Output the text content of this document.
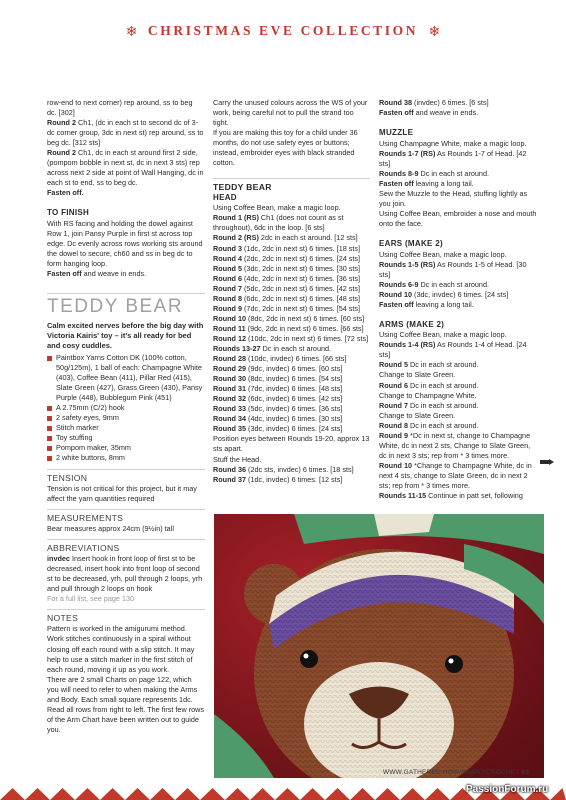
❄ CHRISTMAS EVE COLLECTION ❄

row-end to next corner) rep around, ss to beg

dc. [302]

Round 2 Ch1, (dc in each st to second dc of 3-dc corner group, 3dc in next st) rep around, ss to beg dc. [312 sts]

Round 2 Ch1, dc in each st around first 2 side, (pompom bobble in next st, dc in next 3 sts) rep across next 2 side at point of Wall Hanging, dc in each st to end, ss to beg dc.

Fasten off.

TO FINISH

With RS facing and holding the dowel against Row 1, join Pansy Purple in first st across top edge. Dc evenly across rows working sts around the dowel to secure, ch60 and ss in beg dc to form hanging loop.

Fasten off and weave in ends.

TEDDY BEAR

Calm excited nerves before the big day with Victoria Kairis' toy – it's all ready for bed and cosy cuddles.

Paintbox Yarns Cotton DK (100% cotton, 50g/125m), 1 ball of each: Champagne White (403), Coffee Bean (411), Pillar Red (415), Slate Green (427), Grass Green (430), Pansy Purple (448), Bubblegum Pink (451)
A 2.75mm (C/2) hook
2 safety eyes, 9mm
Stitch marker
Toy stuffing
Pompom maker, 35mm
2 white buttons, 8mm

TENSION

Tension is not critical for this project, but it may affect the yarn quantities required

MEASUREMENTS

Bear measures approx 24cm (9½in) tall

ABBREVIATIONS

invdec Insert hook in front loop of first st to be decreased, insert hook into front loop of second st to be decreased, yrh, pull through 2 loops, yrh and pull through 2 loops on hook

For a full list, see page 130

NOTES

Pattern is worked in the amigurumi method. Work stitches continuously in a spiral without closing off each round with a slip stitch. It may help to use a stitch marker in the first stitch of each round, moving it up as you work.

There are 2 small Charts on page 122, which you will need to refer to when making the Arms and Body. Each small square represents 1dc. Read all rows from right to left. The first few rows of the Arm Chart have been written out to guide you.

Carry the unused colours across the WS of your work, being careful not to pull the strand too tight.

If you are making this toy for a child under 36 months, do not use safety eyes or buttons; instead, embroider eyes with black stranded cotton.

TEDDY BEAR

HEAD

Using Coffee Bean, make a magic loop.

Round 1 (RS) Ch1 (does not count as st throughout), 6dc in the loop. [6 sts]

Round 2 (RS) 2dc in each st around. [12 sts]

Round 3 (1dc, 2dc in next st) 6 times. [18 sts]

Round 4 (2dc, 2dc in next st) 6 times. [24 sts]

Round 5 (3dc, 2dc in next st) 6 times. [30 sts]

Round 6 (4dc, 2dc in next st) 6 times. [36 sts]

Round 7 (5dc, 2dc in next st) 6 times. [42 sts]

Round 8 (6dc, 2dc in next st) 6 times. [48 sts]

Round 9 (7dc, 2dc in next st) 6 times. [54 sts]

Round 10 (8dc, 2dc in next st) 6 times. [60 sts]

Round 11 (9dc, 2dc in next st) 6 times. [66 sts]

Round 12 (10dc, 2dc in next st) 6 times. [72 sts]

Rounds 13-27 Dc in each st around.

Round 28 (10dc, invdec) 6 times. [66 sts]

Round 29 (9dc, invdec) 6 times. [60 sts]

Round 30 (8dc, invdec) 6 times. [54 sts]

Round 31 (7dc, invdec) 6 times. [48 sts]

Round 32 (6dc, invdec) 6 times. [42 sts]

Round 33 (5dc, invdec) 6 times. [36 sts]

Round 34 (4dc, invdec) 6 times. [30 sts]

Round 35 (3dc, invdec) 6 times. [24 sts]

Position eyes between Rounds 19-20, approx 13 sts apart.

Stuff the Head.

Round 36 (2dc sts, invdec) 6 times. [18 sts]

Round 37 (1dc, invdec) 6 times. [12 sts]

Round 38 (invdec) 6 times. [6 sts]

Fasten off and weave in ends.

MUZZLE

Using Champagne White, make a magic loop.

Rounds 1-7 (RS) As Rounds 1-7 of Head. [42 sts]

Rounds 8-9 Dc in each st around.

Fasten off leaving a long tail.

Sew the Muzzle to the Head, stuffing lightly as you join.

Using Coffee Bean, embroider a nose and mouth onto the face.

EARS (MAKE 2)

Using Coffee Bean, make a magic loop.

Rounds 1-5 (RS) As Rounds 1-5 of Head. [30 sts]

Rounds 6-9 Dc in each st around.

Round 10 (3dc, invdec) 6 times. [24 sts]

Fasten off leaving a long tail.

ARMS (MAKE 2)

Using Coffee Bean, make a magic loop.

Rounds 1-4 (RS) As Rounds 1-4 of Head. [24 sts]

Round 5 Dc in each st around.

Change to Slate Green.

Round 6 Dc in each st around.

Change to Champagne White.

Round 7 Dc in each st around.

Change to Slate Green.

Round 8 Dc in each st around.

Round 9 *Dc in next st, change to Champagne White, dc in next 2 sts, Change to Slate Green, dc in next 3 sts; rep from * 3 times more.

Round 10 *Change to Champagne White, dc in next 4 sts, change to Slate Green, dc in next 2 sts; rep from * 3 times more.

Rounds 11-15 Continue in patt set, following

WWW.GATHERED.HOW/SIMPLYCROCHET 63
PassionForum.ru
